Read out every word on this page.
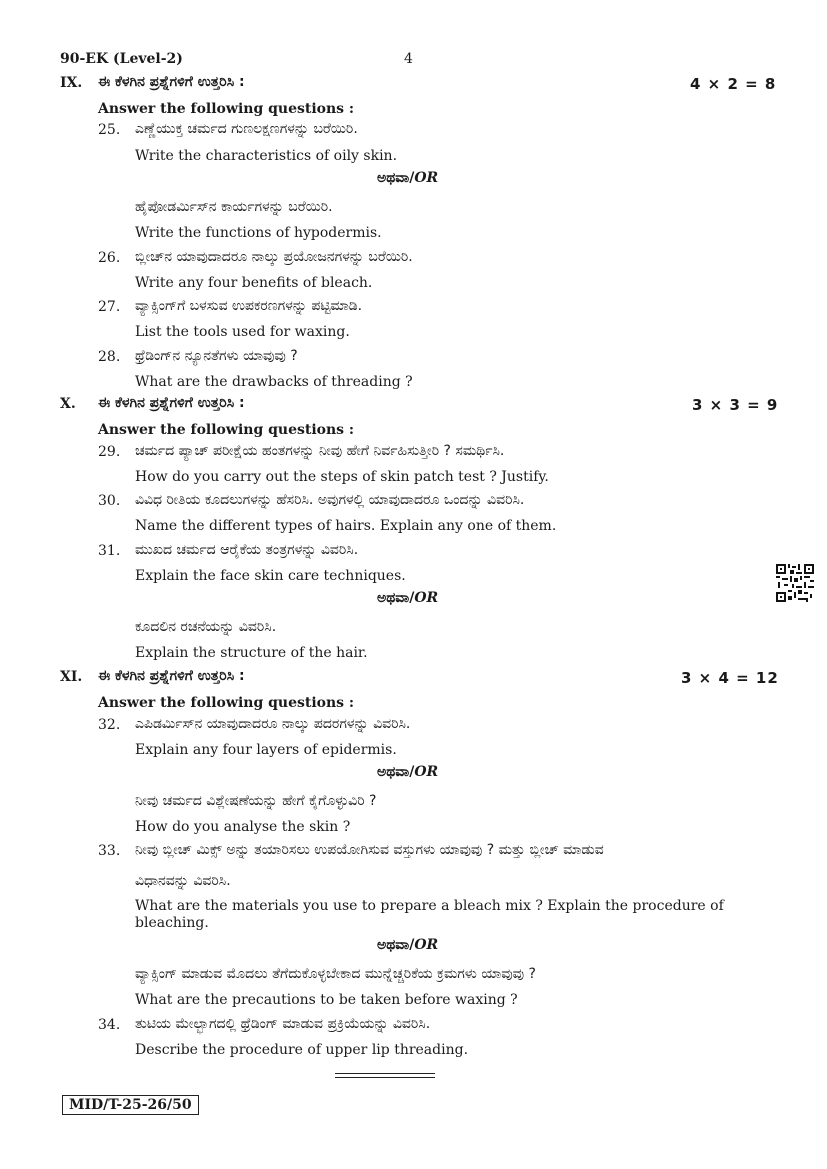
90-EK (Level-2)	4
IX. ಈ ಕೆಳಗಿನ ಪ್ರಶ್ನೆಗಳಿಗೆ ಉತ್ತರಿಸಿ :	4 × 2 = 8
Answer the following questions :
25. ಎಣ್ಣೆಯುಕ್ತ ಚರ್ಮದ ಗುಣಲಕ್ಷಣಗಳನ್ನು ಬರೆಯಿರಿ.
Write the characteristics of oily skin.
ಅಥವಾ/OR
ಹೈಪೋಡರ್ಮಿಸ್‌ನ ಕಾರ್ಯಗಳನ್ನು ಬರೆಯಿರಿ.
Write the functions of hypodermis.
26. ಬ್ಲೀಚ್‌ನ ಯಾವುದಾದರೂ ನಾಲ್ಕು ಪ್ರಯೋಜನಗಳನ್ನು ಬರೆಯಿರಿ.
Write any four benefits of bleach.
27. ವ್ಯಾಕ್ಸಿಂಗ್‌ಗೆ ಬಳಸುವ ಉಪಕರಣಗಳನ್ನು ಪಟ್ಟಿಮಾಡಿ.
List the tools used for waxing.
28. ಥ್ರೆಡಿಂಗ್‌ನ ನ್ಯೂನತೆಗಳು ಯಾವುವು ?
What are the drawbacks of threading ?
X. ಈ ಕೆಳಗಿನ ಪ್ರಶ್ನೆಗಳಿಗೆ ಉತ್ತರಿಸಿ :	3 × 3 = 9
Answer the following questions :
29. ಚರ್ಮದ ಪ್ಯಾಚ್ ಪರೀಕ್ಷೆಯ ಹಂತಗಳನ್ನು ನೀವು ಹೇಗೆ ನಿರ್ವಹಿಸುತ್ತೀರಿ ? ಸಮರ್ಥಿಸಿ.
How do you carry out the steps of skin patch test ? Justify.
30. ವಿವಿಧ ರೀತಿಯ ಕೂದಲುಗಳನ್ನು ಹೆಸರಿಸಿ. ಅವುಗಳಲ್ಲಿ ಯಾವುದಾದರೂ ಒಂದನ್ನು ವಿವರಿಸಿ.
Name the different types of hairs. Explain any one of them.
31. ಮುಖದ ಚರ್ಮದ ಆರೈಕೆಯ ತಂತ್ರಗಳನ್ನು ವಿವರಿಸಿ.
Explain the face skin care techniques.
ಅಥವಾ/OR
ಕೂದಲಿನ ರಚನೆಯನ್ನು ವಿವರಿಸಿ.
Explain the structure of the hair.
XI. ಈ ಕೆಳಗಿನ ಪ್ರಶ್ನೆಗಳಿಗೆ ಉತ್ತರಿಸಿ :	3 × 4 = 12
Answer the following questions :
32. ಎಪಿಡರ್ಮಿಸ್‌ನ ಯಾವುದಾದರೂ ನಾಲ್ಕು ಪದರಗಳನ್ನು ವಿವರಿಸಿ.
Explain any four layers of epidermis.
ಅಥವಾ/OR
ನೀವು ಚರ್ಮದ ವಿಶ್ಲೇಷಣೆಯನ್ನು ಹೇಗೆ ಕೈಗೊಳ್ಳುವಿರಿ ?
How do you analyse the skin ?
33. ನೀವು ಬ್ಲೀಚ್ ಮಿಕ್ಸ್ ಅನ್ನು ತಯಾರಿಸಲು ಉಪಯೋಗಿಸುವ ವಸ್ತುಗಳು ಯಾವುವು ? ಮತ್ತು ಬ್ಲೀಚ್ ಮಾಡುವ
ವಿಧಾನವನ್ನು ವಿವರಿಸಿ.
What are the materials you use to prepare a bleach mix ? Explain the procedure of bleaching.
ಅಥವಾ/OR
ವ್ಯಾಕ್ಸಿಂಗ್ ಮಾಡುವ ಮೊದಲು ತೆಗೆದುಕೊಳ್ಳಬೇಕಾದ ಮುನ್ನೆಚ್ಚರಿಕೆಯ ಕ್ರಮಗಳು ಯಾವುವು ?
What are the precautions to be taken before waxing ?
34. ತುಟಿಯ ಮೇಲ್ಭಾಗದಲ್ಲಿ ಥ್ರೆಡಿಂಗ್ ಮಾಡುವ ಪ್ರಕ್ರಿಯೆಯನ್ನು ವಿವರಿಸಿ.
Describe the procedure of upper lip threading.
MID/T-25-26/50
